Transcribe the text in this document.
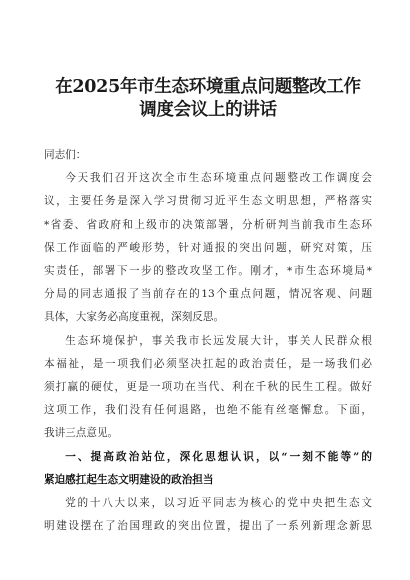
在2025年市生态环境重点问题整改工作
调度会议上的讲话
同志们：
今天我们召开这次全市生态环境重点问题整改工作调度会
议，主要任务是深入学习贯彻习近平生态文明思想，严格落实
*省委、省政府和上级市的决策部署，分析研判当前我市生态环
保工作面临的严峻形势，针对通报的突出问题，研究对策，压
实责任，部署下一步的整改攻坚工作。刚才，*市生态环境局*
分局的同志通报了当前存在的13个重点问题，情况客观、问题
具体，大家务必高度重视，深刻反思。
生态环境保护，事关我市长远发展大计，事关人民群众根
本福祉，是一项我们必须坚决扛起的政治责任，是一场我们必
须打赢的硬仗，更是一项功在当代、利在千秋的民生工程。做好
这项工作，我们没有任何退路，也绝不能有丝毫懈怠。下面，
我讲三点意见。
一、提高政治站位，深化思想认识，以“一刻不能等”的
紧迫感扛起生态文明建设的政治担当
党的十八大以来，以习近平同志为核心的党中央把生态文
明建设摆在了治国理政的突出位置，提出了一系列新理念新思
